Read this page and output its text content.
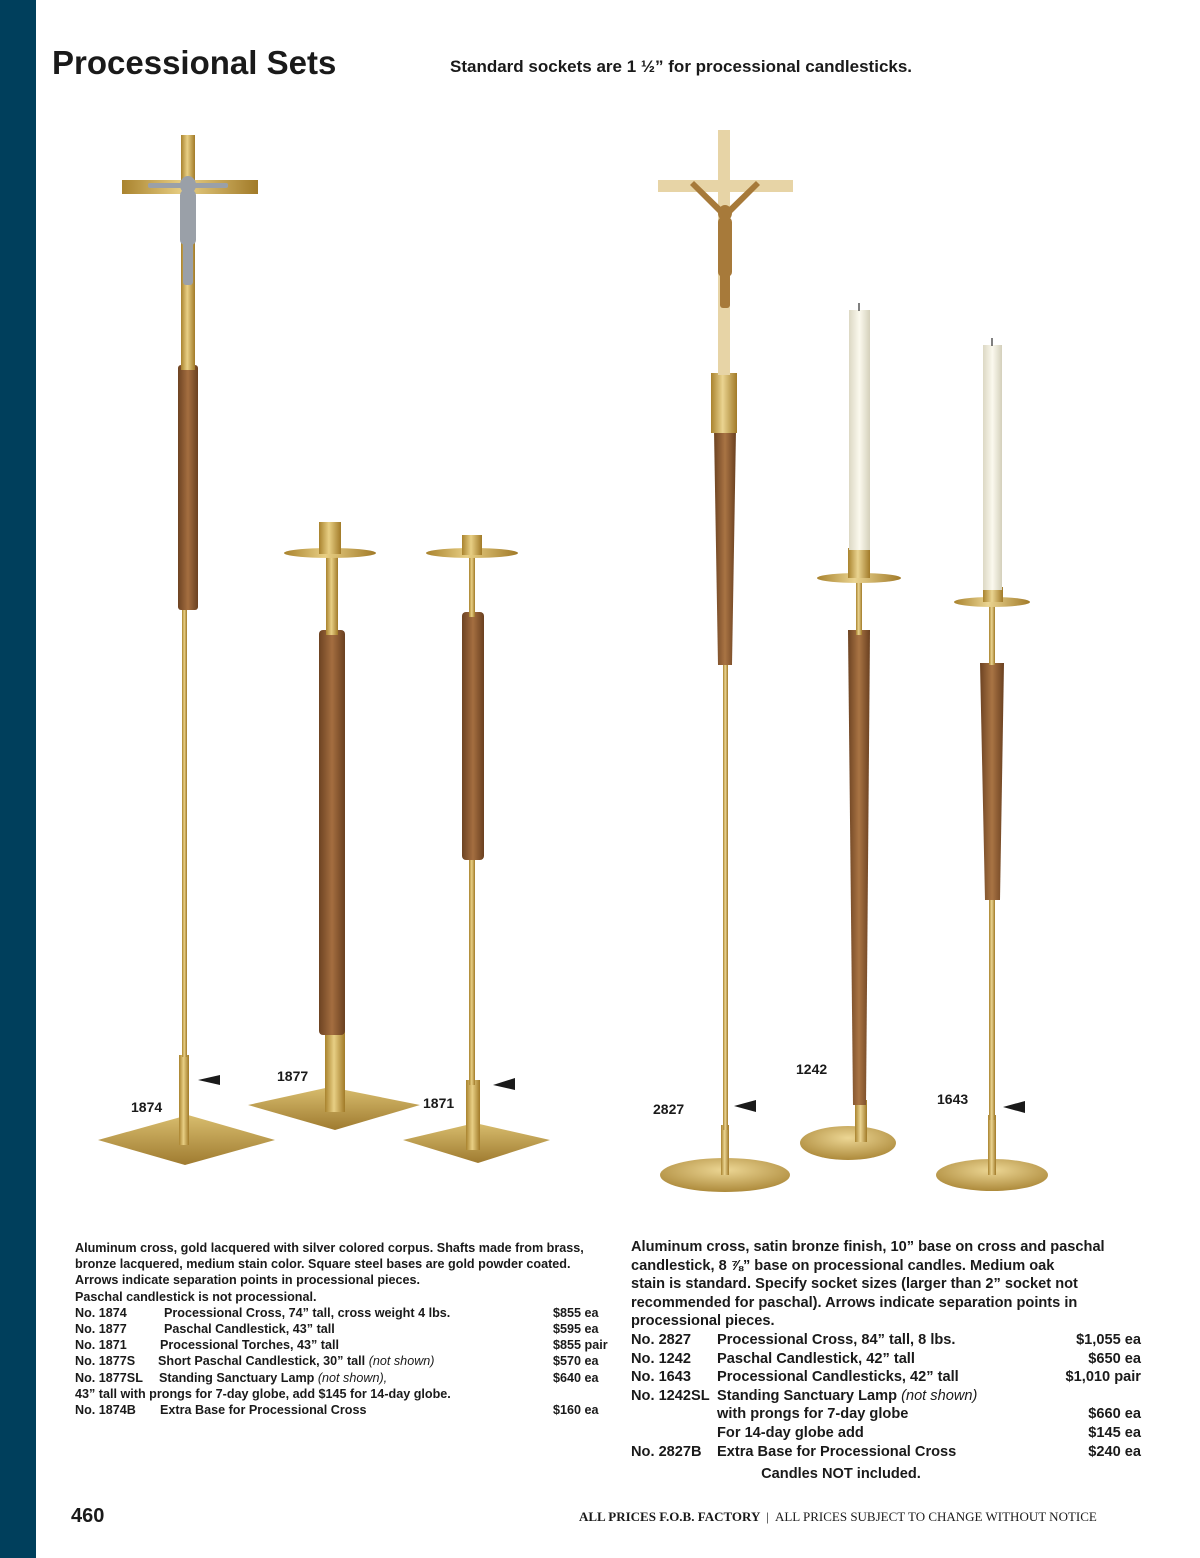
Processional Sets	Standard sockets are 1 ½” for processional candlesticks.
1874
1877
1871	2827
1242
1643

Aluminum cross, gold lacquered with silver colored corpus. Shafts made from brass,

bronze lacquered, medium stain color. Square steel bases are gold powder coated.

Arrows indicate separation points in processional pieces.

Paschal candlestick is not processional.

No. 1874	Processional Cross, 74” tall, cross weight 4 lbs.	$855 ea
No. 1877	Paschal Candlestick, 43” tall	$595 ea
No. 1871	Processional Torches, 43” tall	$855 pair
No. 1877S	Short Paschal Candlestick, 30” tall (not shown)	$570 ea
No. 1877SL	Standing Sanctuary Lamp (not shown),	$640 ea

43” tall with prongs for 7-day globe, add $145 for 14-day globe.

No. 1874B	Extra Base for Processional Cross	$160 ea

Aluminum cross, satin bronze finish, 10” base on cross and paschal

candlestick, 8 ⅞” base on processional candles. Medium oak

stain is standard. Specify socket sizes (larger than 2” socket not

recommended for paschal). Arrows indicate separation points in

processional pieces.

No. 2827	Processional Cross, 84” tall, 8 lbs.	$1,055 ea
No. 1242	Paschal Candlestick, 42” tall	$650 ea
No. 1643	Processional Candlesticks, 42” tall	$1,010 pair
No. 1242SL Standing Sanctuary Lamp (not shown)
with prongs for 7-day globe	$660 ea
For 14-day globe add	$145 ea
No. 2827B	Extra Base for Processional Cross	$240 ea

Candles NOT included.

460	ALL PRICES F.O.B. FACTORY | ALL PRICES SUBJECT TO CHANGE WITHOUT NOTICE
